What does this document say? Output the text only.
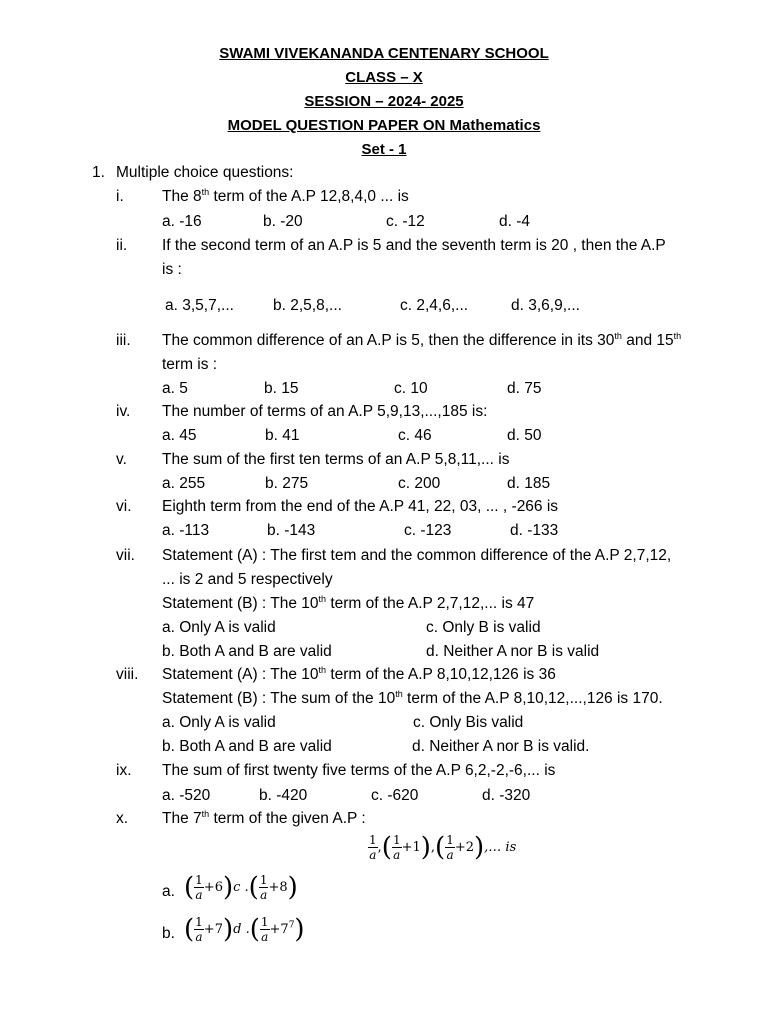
SWAMI VIVEKANANDA CENTENARY SCHOOL
CLASS – X
SESSION – 2024- 2025
MODEL QUESTION PAPER ON Mathematics
Set - 1
1. Multiple choice questions:
i. The 8th term of the A.P 12,8,4,0 ... is
a. -16	b. -20	c. -12	d. -4
ii. If the second term of an A.P is 5 and the seventh term is 20 , then the A.P
is :
a. 3,5,7,...	b. 2,5,8,...	c. 2,4,6,...	d. 3,6,9,...
iii. The common difference of an A.P is 5, then the difference in its 30th and 15th
term is :
a. 5	b. 15	c. 10	d. 75
iv. The number of terms of an A.P 5,9,13,...,185 is:
a. 45	b. 41	c. 46	d. 50
v. The sum of the first ten terms of an A.P 5,8,11,... is
a. 255	b. 275	c. 200	d. 185
vi. Eighth term from the end of the A.P 41, 22, 03, ... , -266 is
a. -113	b. -143	c. -123	d. -133
vii. Statement (A) : The first tem and the common difference of the A.P 2,7,12,
... is 2 and 5 respectively
Statement (B) : The 10th term of the A.P 2,7,12,... is 47
a. Only A is valid	c. Only B is valid
b. Both A and B are valid	d. Neither A nor B is valid
viii. Statement (A) : The 10th term of the A.P 8,10,12,126 is 36
Statement (B) : The sum of the 10th term of the A.P 8,10,12,...,126 is 170.
a. Only A is valid	c. Only Bis valid
b. Both A and B are valid	d. Neither A nor B is valid.
ix. The sum of first twenty five terms of the A.P 6,2,-2,-6,... is
a. -520	b. -420	c. -620	d. -320
x. The 7th term of the given A.P :
$\frac{1}{a}$ ,( $\frac{1}{a} +1),( \frac{1}{a}$ +2),… is
a. ( $\frac{1}{a} +6)c$ .( $\frac{1}{a} +8$)
b. ( $\frac{1}{a} +7)d$ .( $\frac{1}{a} +7^7$)
